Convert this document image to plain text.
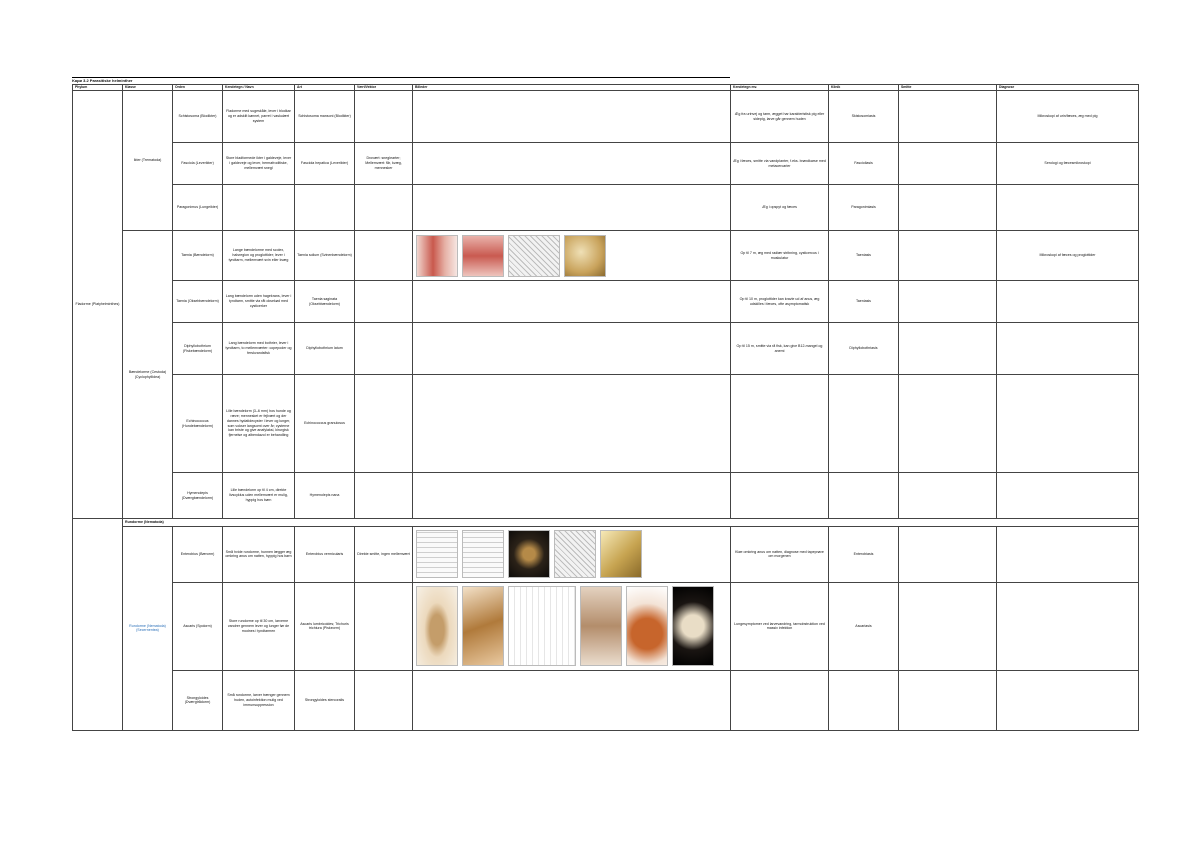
Kapø 3.2 Parasitiske helminther
Phylum	Klasse	Orden	Kendetegn / Navn	Art	Vært/Vektor	Billeder	Kendetegn mv.	Klinik	Smitte	Diagnose
Fladorme (Platyhelminthes)	Ikter (Trematoda)	Schistosoma (Blodikter)	Fladorme med sugeskåle, lever i blodkar og er adskilt kønnet, parret i vaskulært system	Schistosoma mansoni (Blodikter)			Æg fra urinvej og tarm, ægget har karakteristisk pig eller sidepig, larve går gennem huden	Skistosomiasis		Mikroskopi af urin/fæces, æg med pig
		Fasciola (Leverikter)	Store bladformede ikter i galdeveje, lever i galdeveje og lever, hermafroditiske, mellemvært snegl	Fasciola hepatica (Leverikter)	Drovært: sneglearter; Mellemvært: får, kvæg, mennesker		Æg i fæces, smitte via vandplanter, f.eks. brøndkarse med metacercarier	Fascioliasis		Serologi og fæcesmikroskopi
		Paragonimus (Lungeikter)					Æg i opspyt og fæces	Paragonimiasis		
	Bændelorme (Cestoda) (Cyclophyllidea)	Taenia (Bændelorm)	Lange bændelorme med scolex, halsregion og proglottider; lever i tyndtarm, mellemvært svin eller kvæg	Taenia solium (Svinenbændelorm)			Op til 7 m, æg med radiær stribning, cysticercus i muskulatur	Taeniasis		Mikroskopi af fæces og proglottider
		Taenia (Oksebbændelorm)	Lang bændelorm uden hagekrans, lever i tyndtarm, smitte via råt oksekød med cysticerker	Taenia saginata (Oksebbændelorm)			Op til 10 m, proglottider kan kravle ud af anus, æg udskilles i fæces, ofte asymptomatisk	Taeniasis		
		Diphyllobothrium (Fiskebændelorm)	Lang bændelorm med bothrier, lever i tyndtarm, to mellemværter: copepoder og ferskvandsfisk	Diphyllobothrium latum			Op til 15 m, smitte via rå fisk, kan give B12-mangel og anemi	Diphyllobothriasis		
		Echinococcus (Hundebændelorm)	Lille bændelorm (3–6 mm) hos hunde og ræve; mennesket er fejlvært og der dannes hydatidecyster i lever og lunger, som vokser langsomt over år; cysterne kan briste og give anafylaksi, kirurgisk fjernelse og albendazol er behandling	Echinococcus granulosus		

		Hymenolepis (Dværgbændelorm)	Lille bændelorm op til 4 cm, direkte livscyklus uden mellemvært er mulig, hyppig hos børn	Hymenolepis nana		

	Rundorme (Nematoda)									
	Rundorme (Nematoda) (Secernentea)	Enterobius (Bærorm)	Små hvide rundorme, hunnen lægger æg omkring anus om natten, hyppig hos børn	Enterobius vermicularis	Direkte smitte, ingen mellemvært		Kløe omkring anus om natten, diagnose med tapeprøve om morgenen	Enterobiasis		
		Ascaris (Spolorm)	Store rundorme op til 30 cm, larverne vandrer gennem lever og lunger før de modnes i tyndtarmen	Ascaris lumbricoides; Trichuris trichiura (Piskeorm)			Lungesymptomer ved larvevandring, tarmobstruktion ved massiv infektion	Ascariasis		
		Strongyloides (Dværgtrådorm)	Små rundorme, larver trænger gennem huden, autoinfektion mulig ved immunsuppression	Strongyloides stercoralis		
